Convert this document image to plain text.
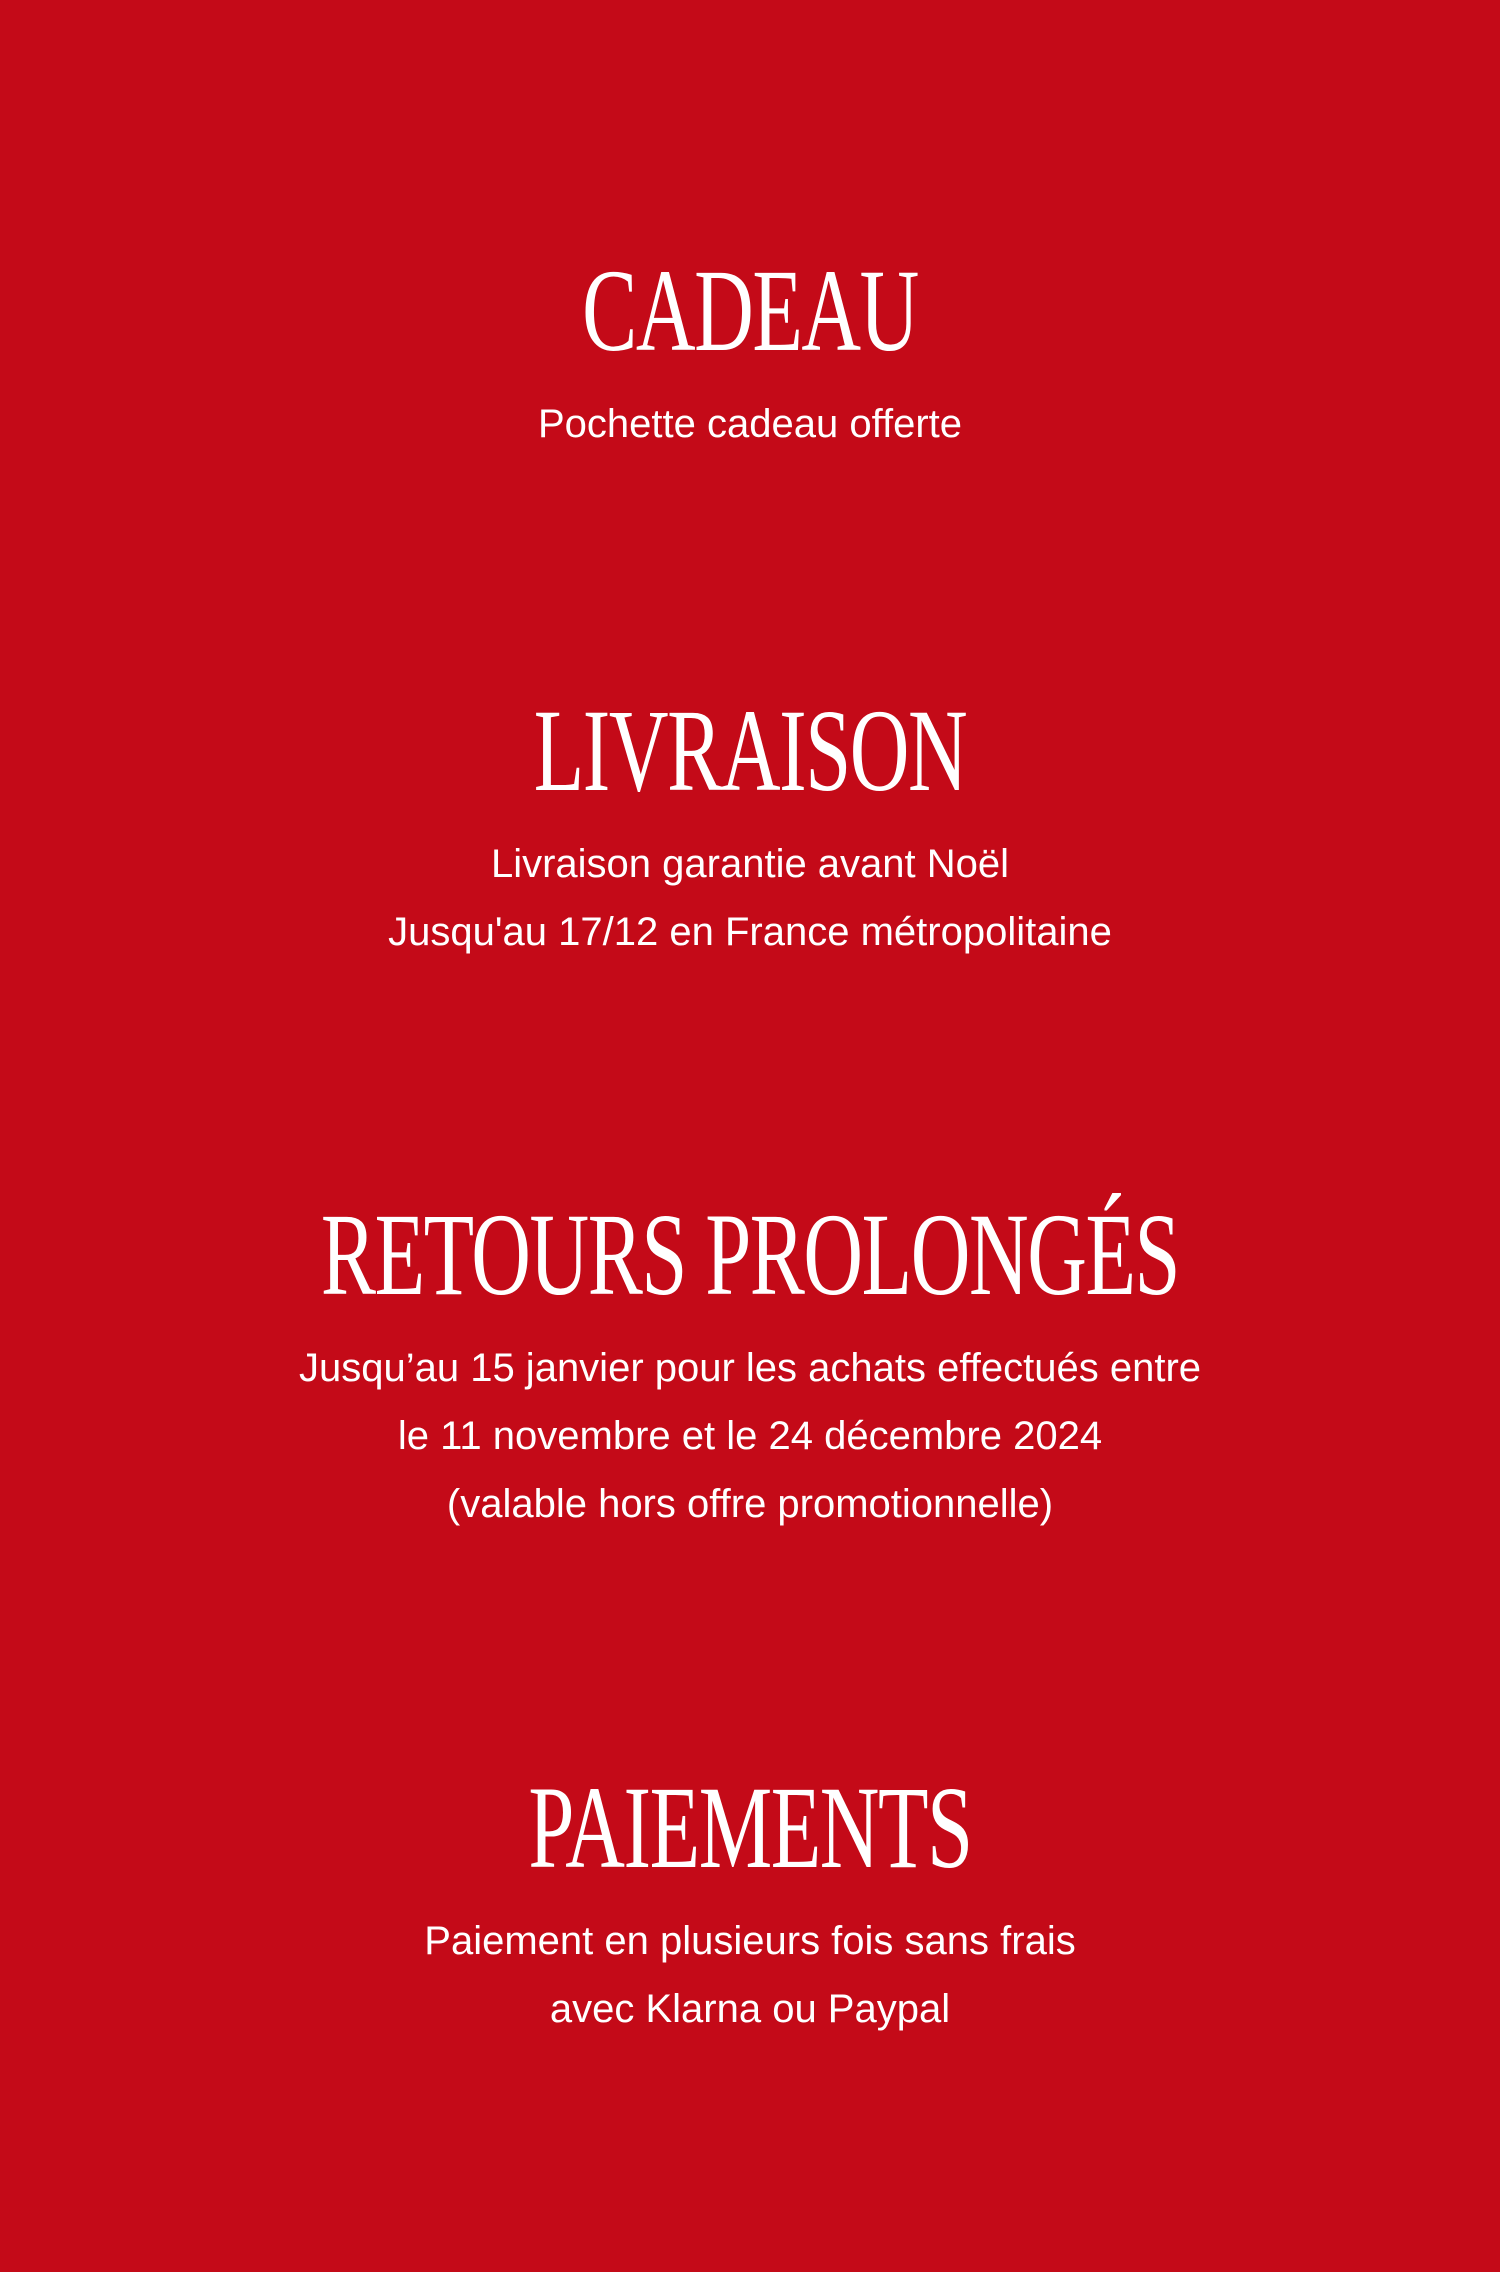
CADEAU
Pochette cadeau offerte
LIVRAISON
Livraison garantie avant Noël
Jusqu'au 17/12 en France métropolitaine
RETOURS PROLONGÉS
Jusqu’au 15 janvier pour les achats effectués entre
le 11 novembre et le 24 décembre 2024
(valable hors offre promotionnelle)
PAIEMENTS
Paiement en plusieurs fois sans frais
avec Klarna ou Paypal
